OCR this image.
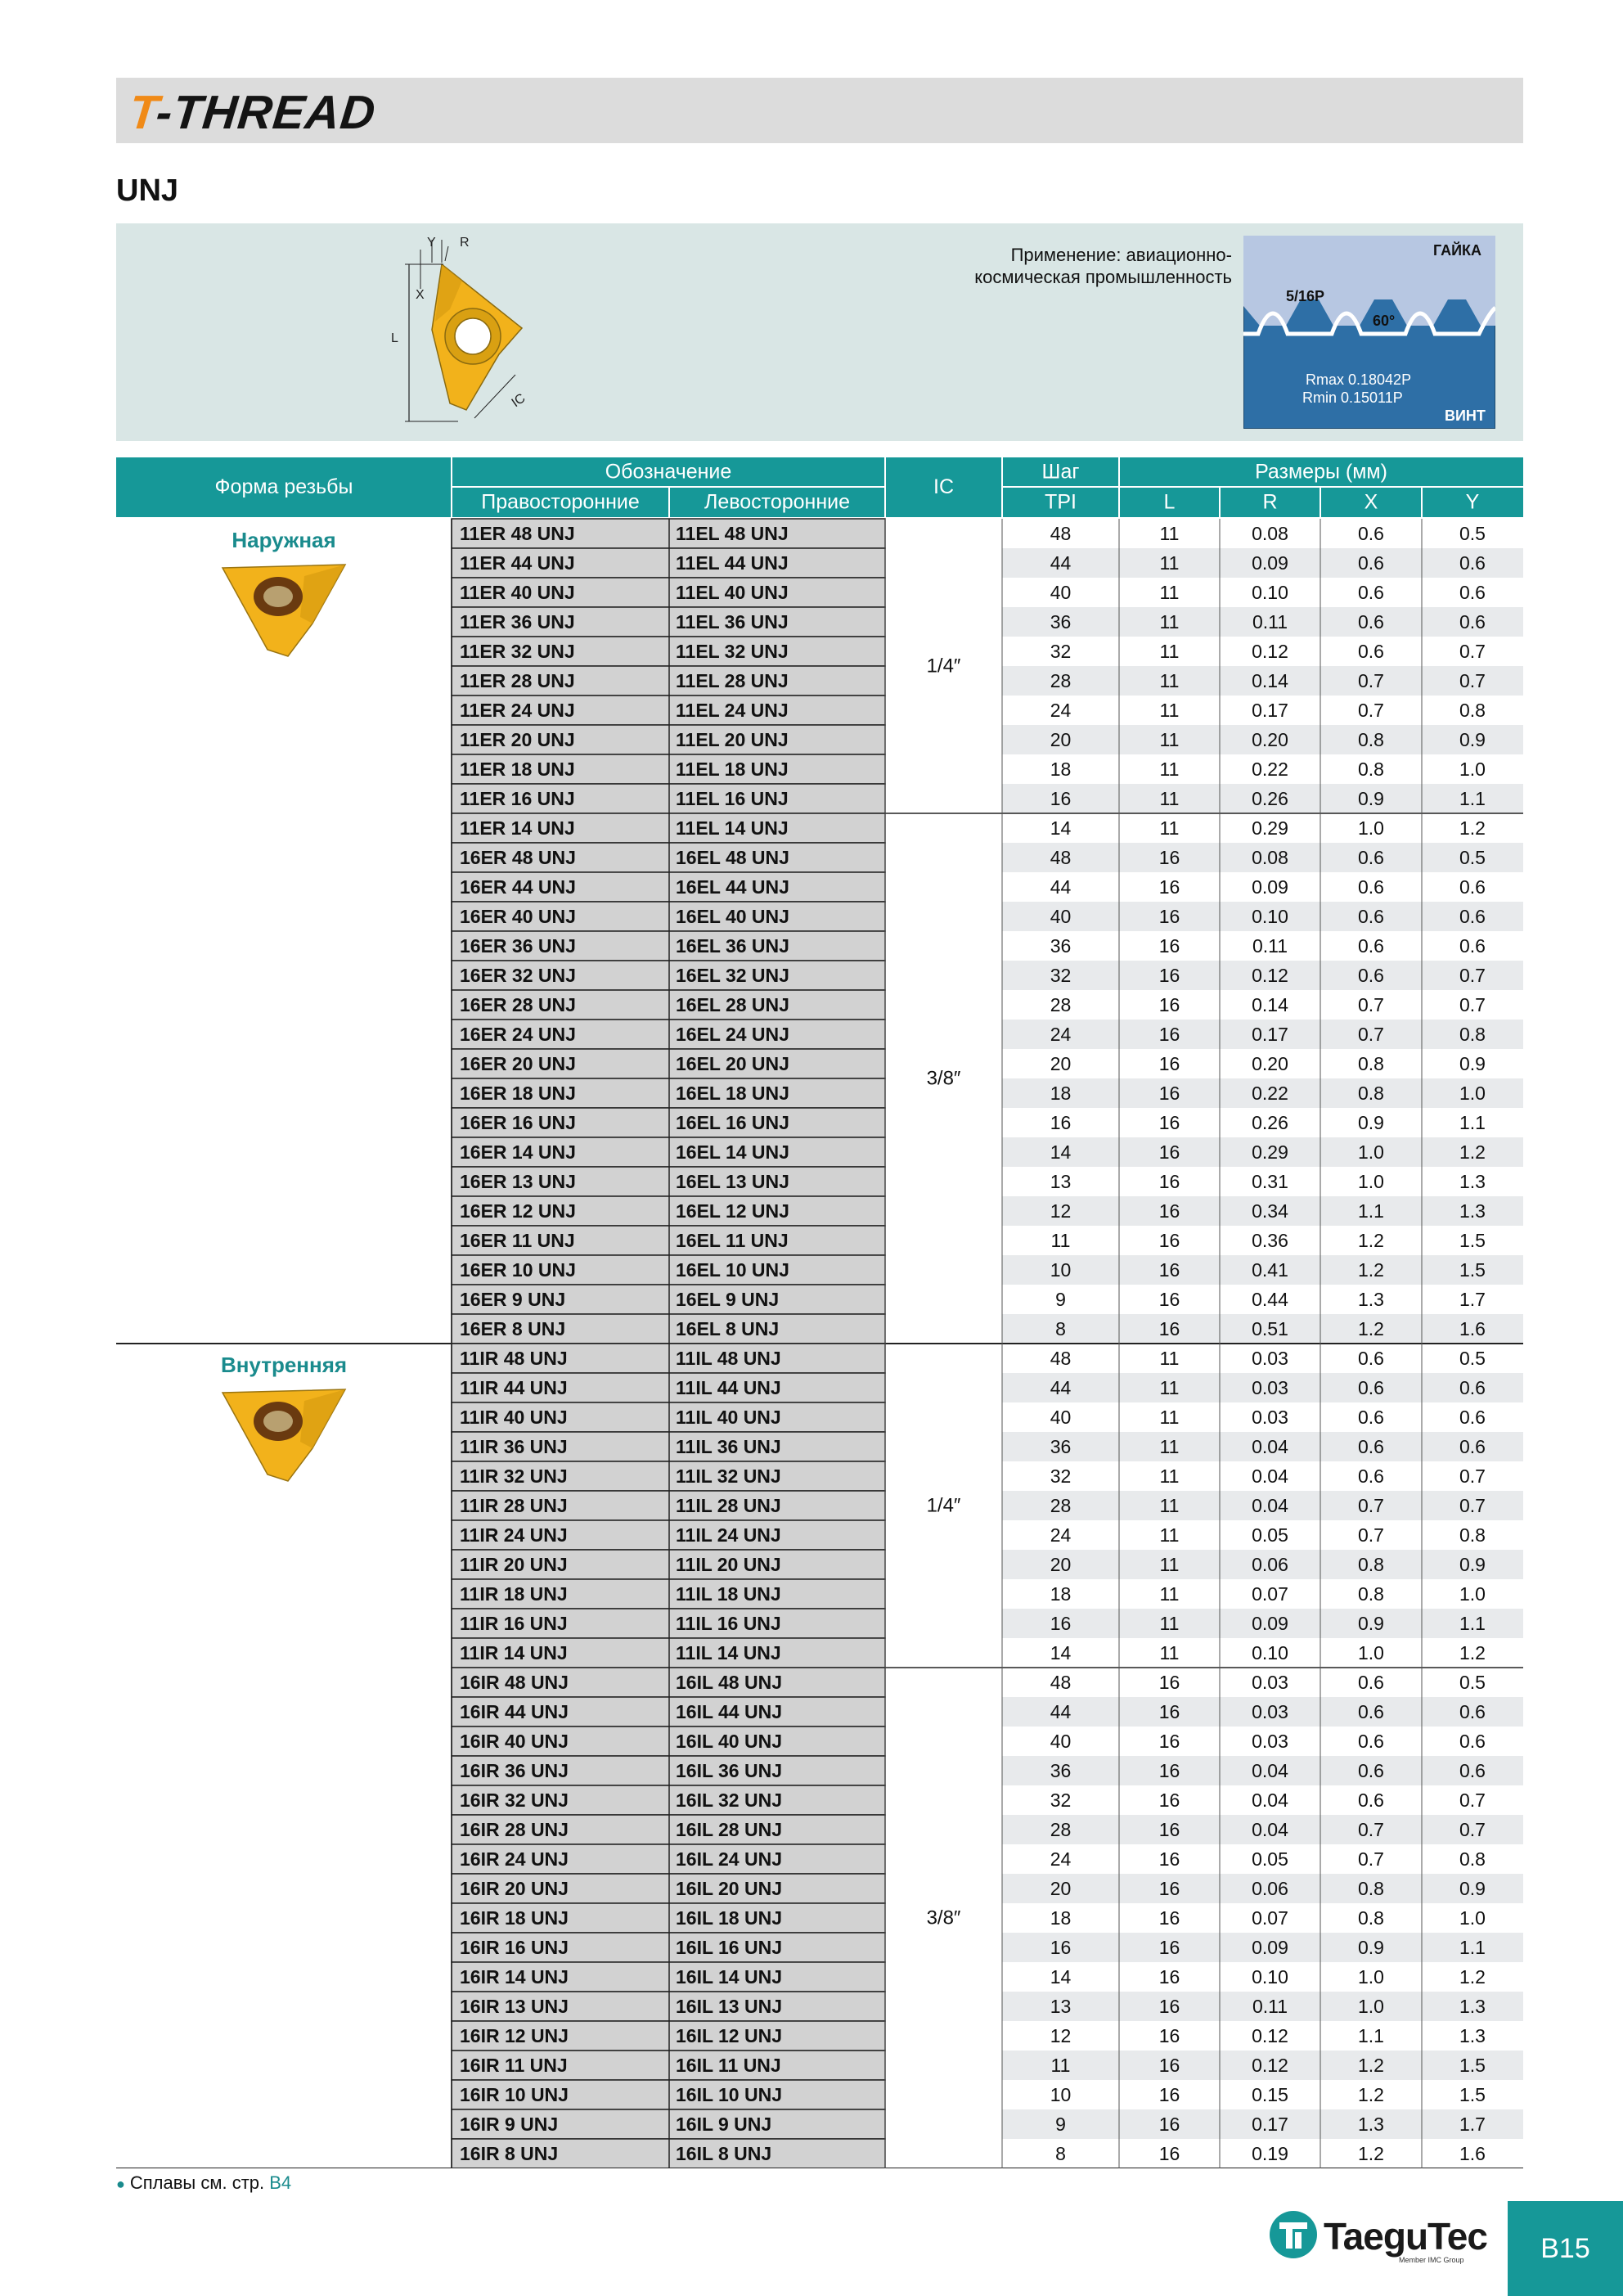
T-THREAD
UNJ
Y R
X
L
IC
Применение: авиационно-
космическая промышленность
ГАЙКА
ВИНТ
5/16P
60°
Rmax 0.18042P
Rmin 0.15011P
Форма резьбы
Обозначение
Правосторонние	Левосторонние
IC
Шаг
TPI
Размеры (мм)
L	R	X	Y
11ER 48 UNJ	11EL 48 UNJ	48	11	0.08	0.6	0.5
11ER 44 UNJ	11EL 44 UNJ	44	11	0.09	0.6	0.6
11ER 40 UNJ	11EL 40 UNJ	40	11	0.10	0.6	0.6
11ER 36 UNJ	11EL 36 UNJ	36	11	0.11	0.6	0.6
11ER 32 UNJ	11EL 32 UNJ	32	11	0.12	0.6	0.7
11ER 28 UNJ	11EL 28 UNJ	28	11	0.14	0.7	0.7
11ER 24 UNJ	11EL 24 UNJ	24	11	0.17	0.7	0.8
11ER 20 UNJ	11EL 20 UNJ	20	11	0.20	0.8	0.9
11ER 18 UNJ	11EL 18 UNJ	18	11	0.22	0.8	1.0
11ER 16 UNJ	11EL 16 UNJ	16	11	0.26	0.9	1.1
1/4″
11ER 14 UNJ	11EL 14 UNJ	14	11	0.29	1.0	1.2
16ER 48 UNJ	16EL 48 UNJ	48	16	0.08	0.6	0.5
16ER 44 UNJ	16EL 44 UNJ	44	16	0.09	0.6	0.6
16ER 40 UNJ	16EL 40 UNJ	40	16	0.10	0.6	0.6
16ER 36 UNJ	16EL 36 UNJ	36	16	0.11	0.6	0.6
16ER 32 UNJ	16EL 32 UNJ	32	16	0.12	0.6	0.7
16ER 28 UNJ	16EL 28 UNJ	28	16	0.14	0.7	0.7
16ER 24 UNJ	16EL 24 UNJ	24	16	0.17	0.7	0.8
16ER 20 UNJ	16EL 20 UNJ	20	16	0.20	0.8	0.9
16ER 18 UNJ	16EL 18 UNJ	18	16	0.22	0.8	1.0
16ER 16 UNJ	16EL 16 UNJ	16	16	0.26	0.9	1.1
16ER 14 UNJ	16EL 14 UNJ	14	16	0.29	1.0	1.2
16ER 13 UNJ	16EL 13 UNJ	13	16	0.31	1.0	1.3
16ER 12 UNJ	16EL 12 UNJ	12	16	0.34	1.1	1.3
16ER 11 UNJ	16EL 11 UNJ	11	16	0.36	1.2	1.5
16ER 10 UNJ	16EL 10 UNJ	10	16	0.41	1.2	1.5
16ER 9 UNJ	16EL 9 UNJ	9	16	0.44	1.3	1.7
16ER 8 UNJ	16EL 8 UNJ	8	16	0.51	1.2	1.6
3/8″
Наружная
11IR 48 UNJ	11IL 48 UNJ	48	11	0.03	0.6	0.5
11IR 44 UNJ	11IL 44 UNJ	44	11	0.03	0.6	0.6
11IR 40 UNJ	11IL 40 UNJ	40	11	0.03	0.6	0.6
11IR 36 UNJ	11IL 36 UNJ	36	11	0.04	0.6	0.6
11IR 32 UNJ	11IL 32 UNJ	32	11	0.04	0.6	0.7
11IR 28 UNJ	11IL 28 UNJ	28	11	0.04	0.7	0.7
11IR 24 UNJ	11IL 24 UNJ	24	11	0.05	0.7	0.8
11IR 20 UNJ	11IL 20 UNJ	20	11	0.06	0.8	0.9
11IR 18 UNJ	11IL 18 UNJ	18	11	0.07	0.8	1.0
11IR 16 UNJ	11IL 16 UNJ	16	11	0.09	0.9	1.1
11IR 14 UNJ	11IL 14 UNJ	14	11	0.10	1.0	1.2
1/4″
16IR 48 UNJ	16IL 48 UNJ	48	16	0.03	0.6	0.5
16IR 44 UNJ	16IL 44 UNJ	44	16	0.03	0.6	0.6
16IR 40 UNJ	16IL 40 UNJ	40	16	0.03	0.6	0.6
16IR 36 UNJ	16IL 36 UNJ	36	16	0.04	0.6	0.6
16IR 32 UNJ	16IL 32 UNJ	32	16	0.04	0.6	0.7
16IR 28 UNJ	16IL 28 UNJ	28	16	0.04	0.7	0.7
16IR 24 UNJ	16IL 24 UNJ	24	16	0.05	0.7	0.8
16IR 20 UNJ	16IL 20 UNJ	20	16	0.06	0.8	0.9
16IR 18 UNJ	16IL 18 UNJ	18	16	0.07	0.8	1.0
16IR 16 UNJ	16IL 16 UNJ	16	16	0.09	0.9	1.1
16IR 14 UNJ	16IL 14 UNJ	14	16	0.10	1.0	1.2
16IR 13 UNJ	16IL 13 UNJ	13	16	0.11	1.0	1.3
16IR 12 UNJ	16IL 12 UNJ	12	16	0.12	1.1	1.3
16IR 11 UNJ	16IL 11 UNJ	11	16	0.12	1.2	1.5
16IR 10 UNJ	16IL 10 UNJ	10	16	0.15	1.2	1.5
16IR 9 UNJ	16IL 9 UNJ	9	16	0.17	1.3	1.7
16IR 8 UNJ	16IL 8 UNJ	8	16	0.19	1.2	1.6
3/8″
Внутренняя
● Сплавы см. стр. B4
TaeguTec
Member IMC Group	B15
